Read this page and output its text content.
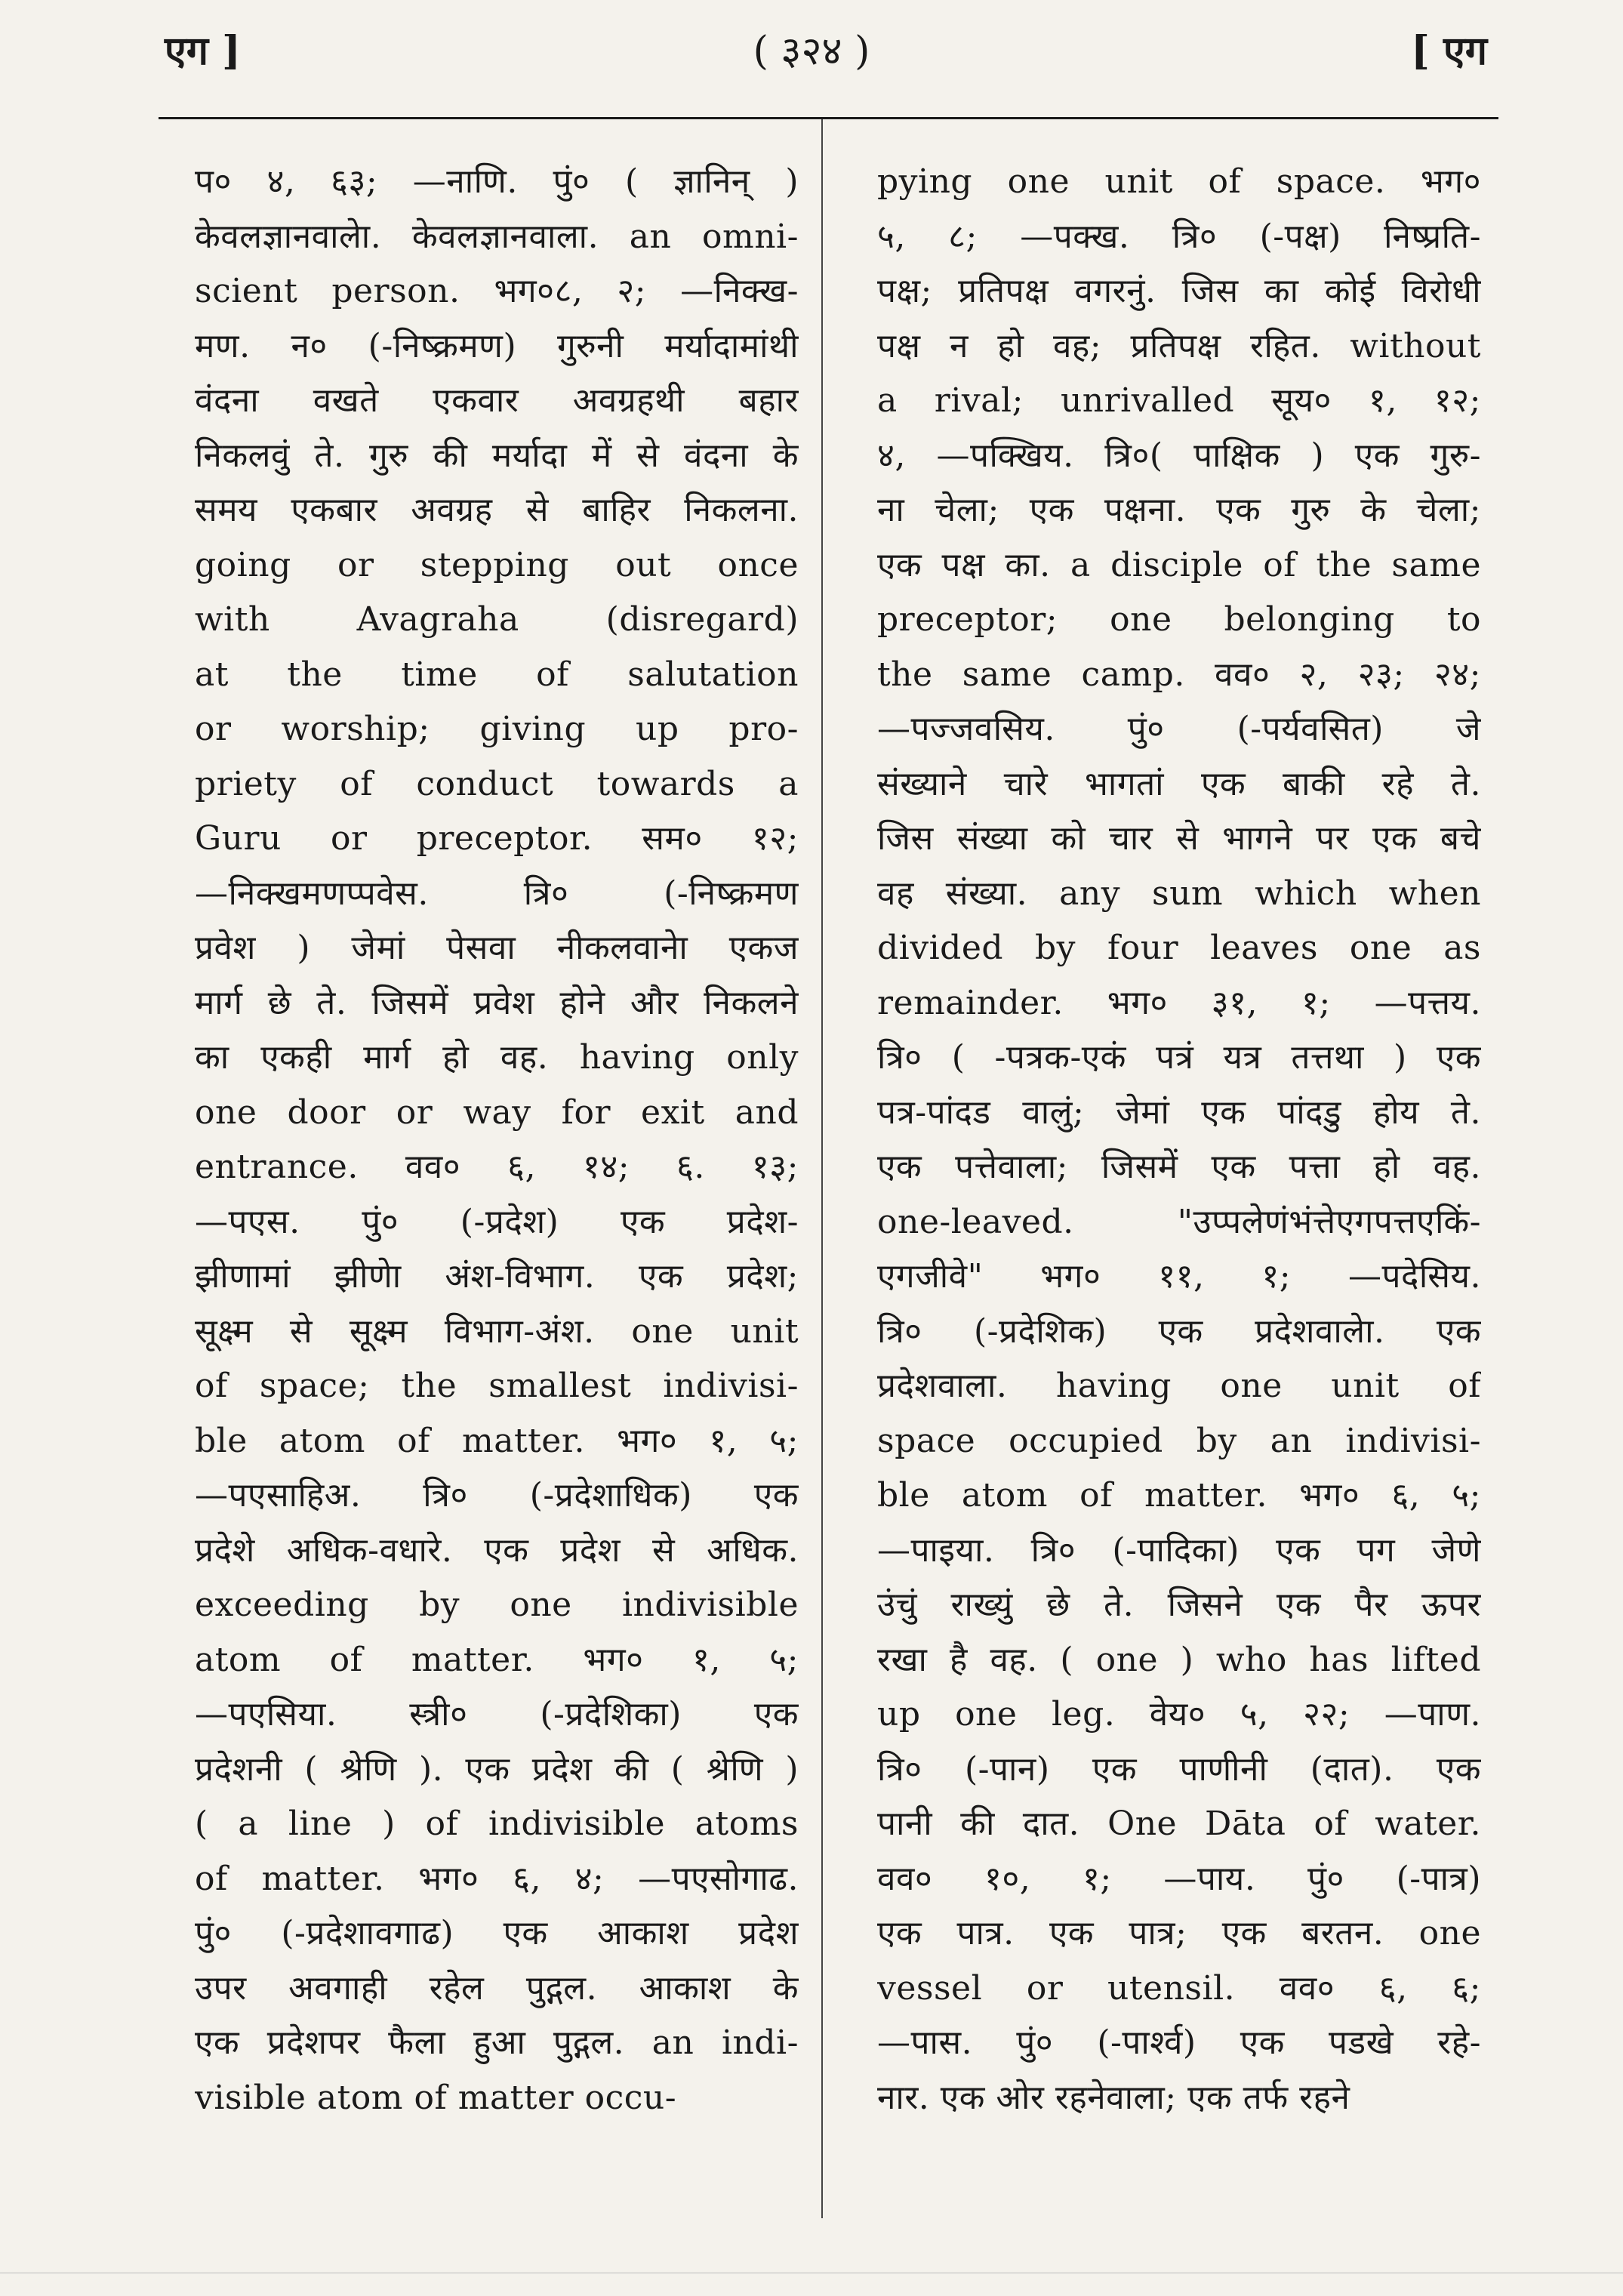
( ३२४ )
एग ]	[ एग
प० ४, ६३; —नाणि. पुं० ( ज्ञानिन् )
केवलज्ञानवालेा. केवलज्ञानवाला. an omni-
scient person. भग०८, २; —निक्ख-
मण. न० (-निष्क्रमण) गुरुनी मर्यादामांथी
वंदना वखते एकवार अवग्रहथी बहार
निकलवुं ते. गुरु की मर्यादा में से वंदना के
समय एकबार अवग्रह से बाहिर निकलना.
going or stepping out once
with Avagraha (disregard)
at the time of salutation
or worship; giving up pro-
priety of conduct towards a
Guru or preceptor. सम० १२;
—निक्खमणप्पवेस. त्रि० (-निष्क्रमण
प्रवेश ) जेमां पेसवा नीकलवानेा एकज
मार्ग छे ते. जिसमें प्रवेश होने और निकलने
का एकही मार्ग हो वह. having only
one door or way for exit and
entrance. वव० ६, १४; ६. १३;
—पएस. पुं० (-प्रदेश) एक प्रदेश-
झीणामां झीणेा अंश-विभाग. एक प्रदेश;
सूक्ष्म से सूक्ष्म विभाग-अंश. one unit
of space; the smallest indivisi-
ble atom of matter. भग० १, ५;
—पएसाहिअ. त्रि० (-प्रदेशाधिक) एक
प्रदेशे अधिक-वधारे. एक प्रदेश से अधिक.
exceeding by one indivisible
atom of matter. भग० १, ५;
—पएसिया. स्त्री० (-प्रदेशिका) एक
प्रदेशनी ( श्रेणि ). एक प्रदेश की ( श्रेणि )
( a line ) of indivisible atoms
of matter. भग० ६, ४; —पएसोगाढ.
पुं० (-प्रदेशावगाढ) एक आकाश प्रदेश
उपर अवगाही रहेल पुद्गल. आकाश के
एक प्रदेशपर फैला हुआ पुद्गल. an indi-
visible atom of matter occu-
pying one unit of space. भग०
५, ८; —पक्ख. त्रि० (-पक्ष) निष्प्रति-
पक्ष; प्रतिपक्ष वगरनुं. जिस का कोई विरोधी
पक्ष न हो वह; प्रतिपक्ष रहित. without
a rival; unrivalled सूय० १, १२;
४, —पक्खिय. त्रि०( पाक्षिक ) एक गुरु-
ना चेला; एक पक्षना. एक गुरु के चेला;
एक पक्ष का. a disciple of the same
preceptor; one belonging to
the same camp. वव० २, २३; २४;
—पज्जवसिय. पुं० (-पर्यवसित) जे
संख्याने चारे भागतां एक बाकी रहे ते.
जिस संख्या को चार से भागने पर एक बचे
वह संख्या. any sum which when
divided by four leaves one as
remainder. भग० ३१, १; —पत्तय.
त्रि० ( -पत्रक-एकं पत्रं यत्र तत्तथा ) एक
पत्र-पांदड वालुं; जेमां एक पांदडु होय ते.
एक पत्तेवाला; जिसमें एक पत्ता हो वह.
one-leaved. "उप्पलेणंभंत्तेएगपत्तएकिं-
एगजीवे" भग० ११, १; —पदेसिय.
त्रि० (-प्रदेशिक) एक प्रदेशवालेा. एक
प्रदेशवाला. having one unit of
space occupied by an indivisi-
ble atom of matter. भग० ६, ५;
—पाइया. त्रि० (-पादिका) एक पग जेणे
उंचुं राख्युं छे ते. जिसने एक पैर ऊपर
रखा है वह. ( one ) who has lifted
up one leg. वेय० ५, २२; —पाण.
त्रि० (-पान) एक पाणीनी (दात). एक
पानी की दात. One Dāta of water.
वव० १०, १; —पाय. पुं० (-पात्र)
एक पात्र. एक पात्र; एक बरतन. one
vessel or utensil. वव० ६, ६;
—पास. पुं० (-पार्श्व) एक पडखे रहे-
नार. एक ओर रहनेवाला; एक तर्फ रहने
